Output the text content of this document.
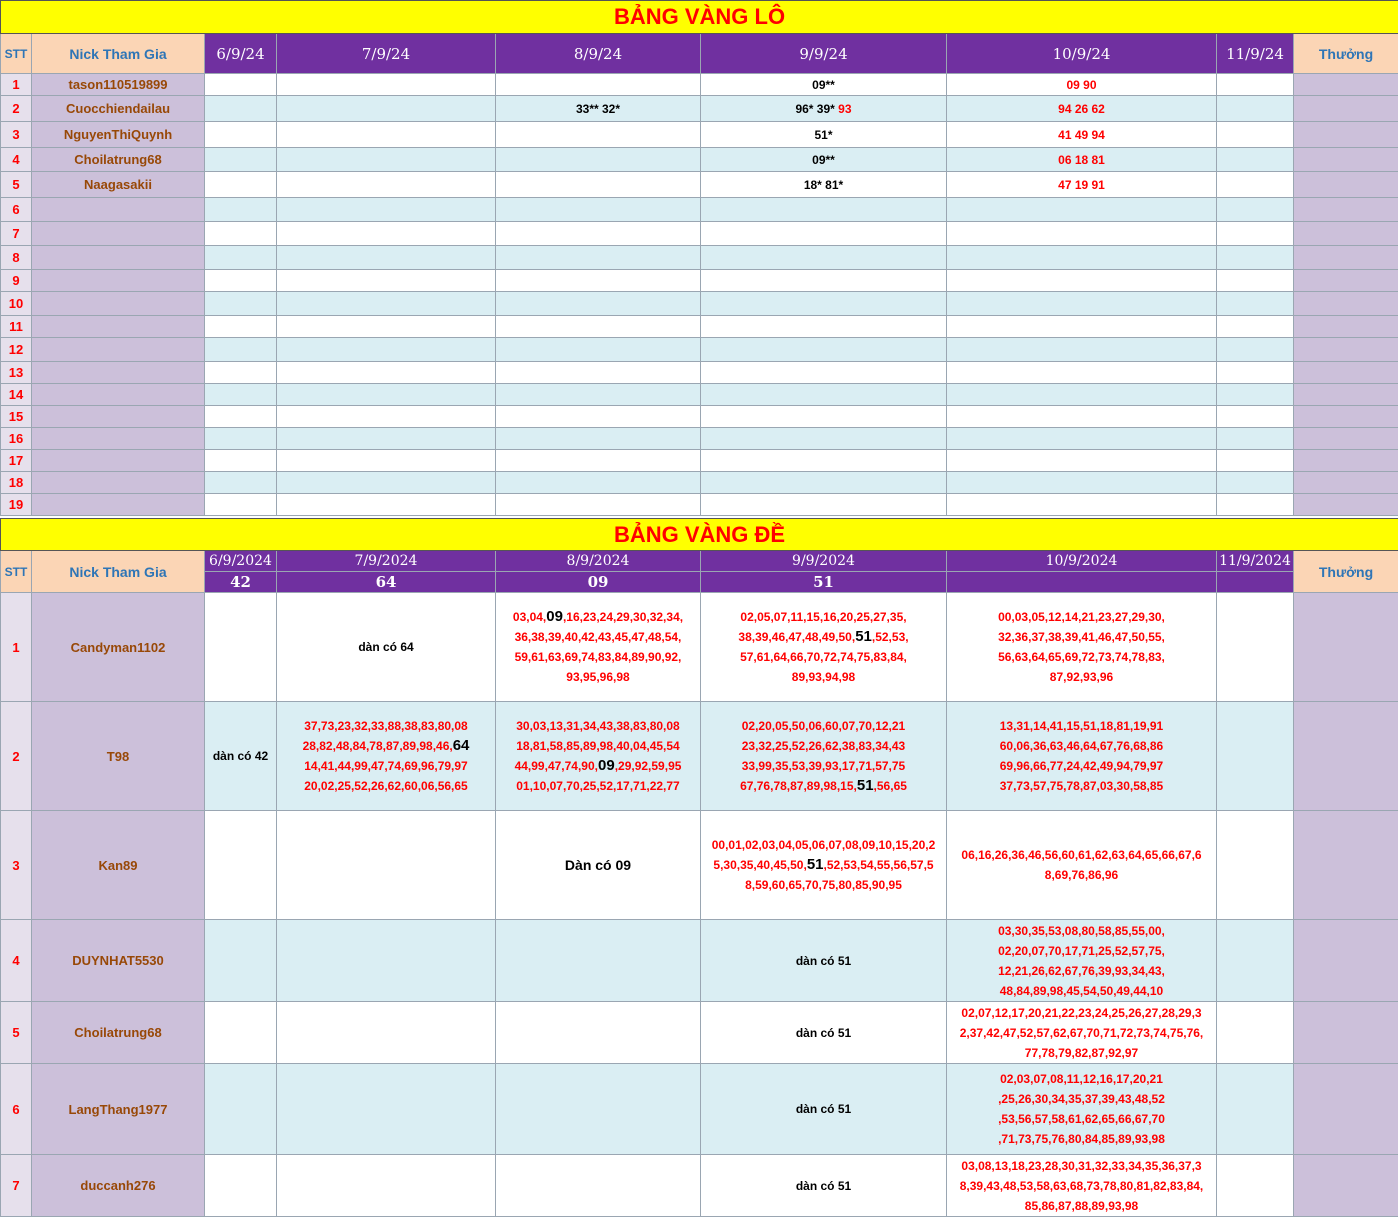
BẢNG VÀNG LÔ								
STT	Nick Tham Gia	6/9/24	7/9/24	8/9/24	9/9/24	10/9/24	11/9/24	Thưởng
1	tason110519899				09**	09 90		
2	Cuocchiendailau			33** 32*	96* 39* 93	94 26 62		
3	NguyenThiQuynh				51*	41 49 94		
4	Choilatrung68				09**	06 18 81		
5	Naagasakii				18* 81*	47 19 91		
6								
7								
8								
9								
10								
11								
12								
13								
14								
15								
16								
17								
18								
19								
BẢNG VÀNG ĐỀ								
STT	Nick Tham Gia	6/9/2024	7/9/2024	8/9/2024	9/9/2024	10/9/2024	11/9/2024	Thưởng
		42	64	09	51			
1	Candyman1102		dàn có 64	03,04,09,16,23,24,29,30,32,34,
36,38,39,40,42,43,45,47,48,54,
59,61,63,69,74,83,84,89,90,92,
93,95,96,98	02,05,07,11,15,16,20,25,27,35,
38,39,46,47,48,49,50,51,52,53,
57,61,64,66,70,72,74,75,83,84,
89,93,94,98	00,03,05,12,14,21,23,27,29,30,
32,36,37,38,39,41,46,47,50,55,
56,63,64,65,69,72,73,74,78,83,
87,92,93,96		

2	T98	dàn có 42	37,73,23,32,33,88,38,83,80,08
28,82,48,84,78,87,89,98,46,64
14,41,44,99,47,74,69,96,79,97
20,02,25,52,26,62,60,06,56,65	30,03,13,31,34,43,38,83,80,08
18,81,58,85,89,98,40,04,45,54
44,99,47,74,90,09,29,92,59,95
01,10,07,70,25,52,17,71,22,77	02,20,05,50,06,60,07,70,12,21
23,32,25,52,26,62,38,83,34,43
33,99,35,53,39,93,17,71,57,75
67,76,78,87,89,98,15,51,56,65	13,31,14,41,15,51,18,81,19,91
60,06,36,63,46,64,67,76,68,86
69,96,66,77,24,42,49,94,79,97
37,73,57,75,78,87,03,30,58,85		

3	Kan89			Dàn có 09	00,01,02,03,04,05,06,07,08,09,10,15,20,2
5,30,35,40,45,50,51,52,53,54,55,56,57,5
8,59,60,65,70,75,80,85,90,95	06,16,26,36,46,56,60,61,62,63,64,65,66,67,6
8,69,76,86,96		

4	DUYNHAT5530				dàn có 51	03,30,35,53,08,80,58,85,55,00,
02,20,07,70,17,71,25,52,57,75,
12,21,26,62,67,76,39,93,34,43,
48,84,89,98,45,54,50,49,44,10		

5	Choilatrung68				dàn có 51	02,07,12,17,20,21,22,23,24,25,26,27,28,29,3
2,37,42,47,52,57,62,67,70,71,72,73,74,75,76,
77,78,79,82,87,92,97		

6	LangThang1977				dàn có 51	02,03,07,08,11,12,16,17,20,21
,25,26,30,34,35,37,39,43,48,52
,53,56,57,58,61,62,65,66,67,70
,71,73,75,76,80,84,85,89,93,98		

7	duccanh276				dàn có 51	03,08,13,18,23,28,30,31,32,33,34,35,36,37,3
8,39,43,48,53,58,63,68,73,78,80,81,82,83,84,
85,86,87,88,89,93,98		
